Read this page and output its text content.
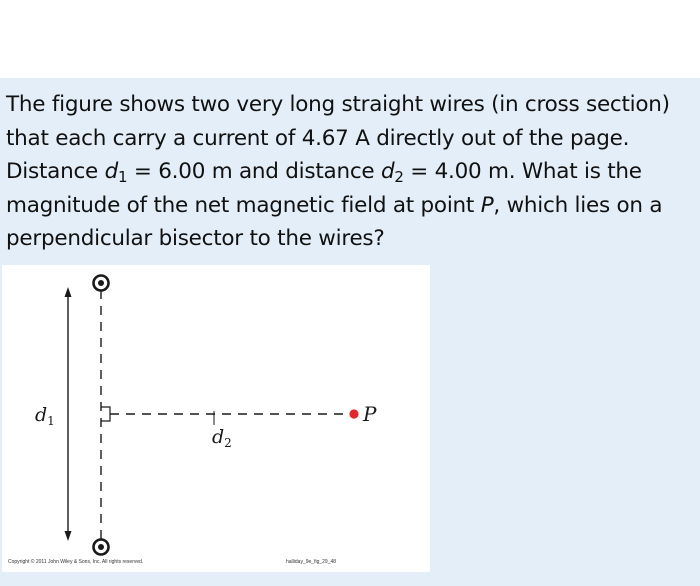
The figure shows two very long straight wires (in cross section) that each carry a current of 4.67 A directly out of the page. Distance $d_1 = 6.00$ m and distance $d_2 = 4.00$ m. What is the magnitude of the net magnetic field at point P, which lies on a perpendicular bisector to the wires?

$d_1$
$d_2$
P
Copyright © 2011 John Wiley & Sons, Inc. All rights reserved.	halliday_9e_fig_29_48
